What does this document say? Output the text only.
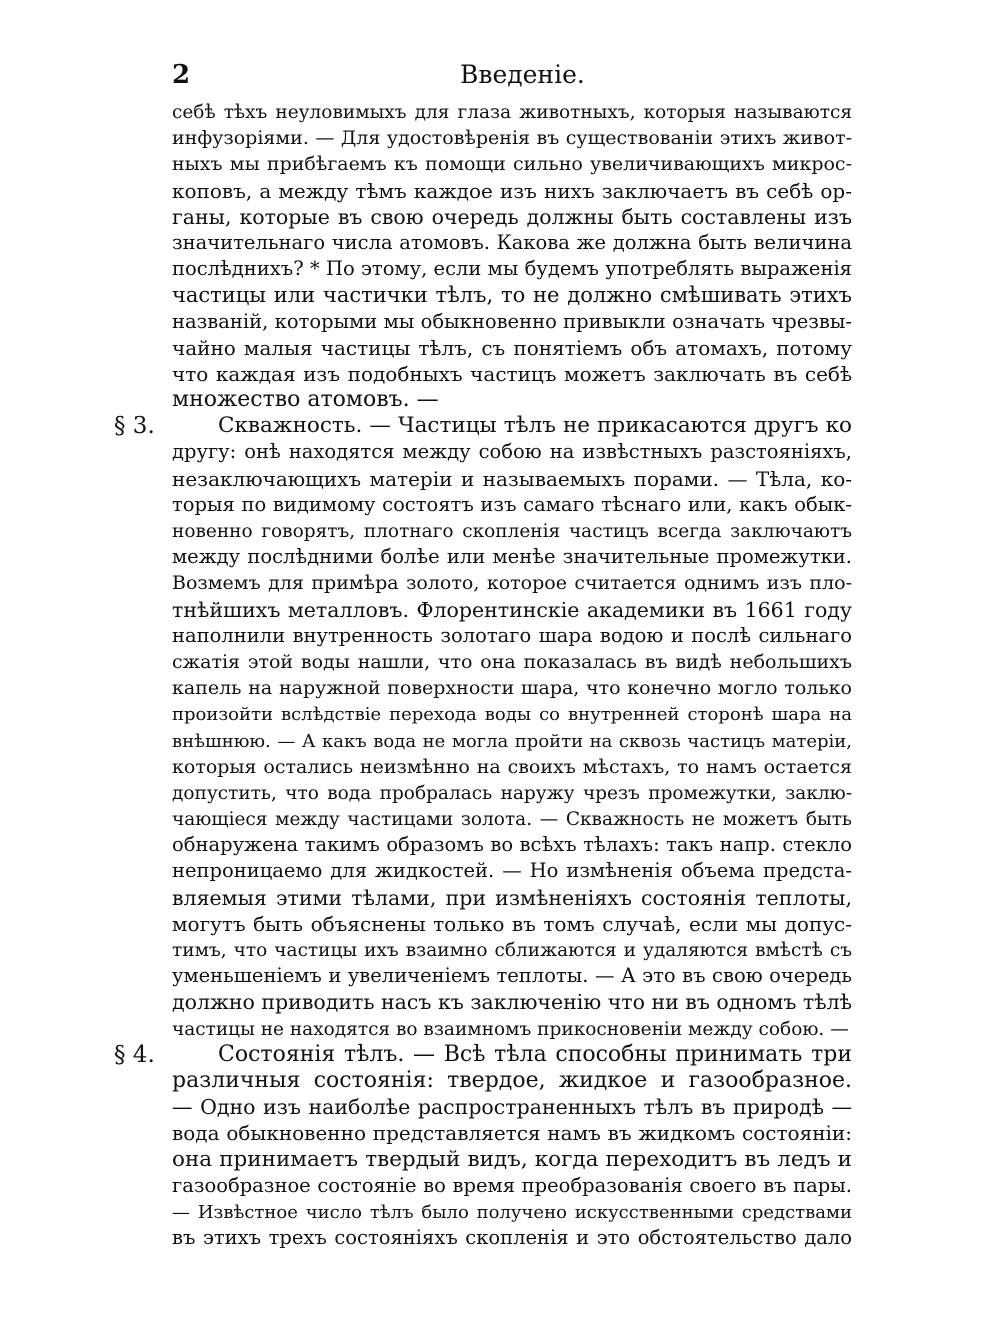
2	Введеніе.
себѣ тѣхъ неуловимыхъ для глаза животныхъ, которыя называются
инфузоріями. — Для удостовѣренія въ существованіи этихъ живот-
ныхъ мы прибѣгаемъ къ помощи сильно увеличивающихъ микрос-
коповъ, а между тѣмъ каждое изъ нихъ заключаетъ въ себѣ ор-
ганы, которые въ свою очередь должны быть составлены изъ
значительнаго числа атомовъ. Какова же должна быть величина
послѣднихъ? * По этому, если мы будемъ употреблять выраженія
частицы или частички тѣлъ, то не должно смѣшивать этихъ
названій, которыми мы обыкновенно привыкли означать чрезвы-
чайно малыя частицы тѣлъ, съ понятіемъ объ атомахъ, потому
что каждая изъ подобныхъ частицъ можетъ заключать въ себѣ
множество атомовъ. —
§ 3.	Скважность. — Частицы тѣлъ не прикасаются другъ ко
другу: онѣ находятся между собою на извѣстныхъ разстояніяхъ,
незаключающихъ матеріи и называемыхъ порами. — Тѣла, ко-
торыя по видимому состоятъ изъ самаго тѣснаго или, какъ обык-
новенно говорятъ, плотнаго скопленія частицъ всегда заключаютъ
между послѣдними болѣе или менѣе значительные промежутки.
Возмемъ для примѣра золото, которое считается однимъ изъ пло-
тнѣйшихъ металловъ. Флорентинскіе академики въ 1661 году
наполнили внутренность золотаго шара водою и послѣ сильнаго
сжатія этой воды нашли, что она показалась въ видѣ небольшихъ
капель на наружной поверхности шара, что конечно могло только
произойти вслѣдствіе перехода воды со внутренней сторонѣ шара на
внѣшнюю. — А какъ вода не могла пройти на сквозь частицъ матеріи,
которыя остались неизмѣнно на своихъ мѣстахъ, то намъ остается
допустить, что вода пробралась наружу чрезъ промежутки, заклю-
чающіеся между частицами золота. — Скважность не можетъ быть
обнаружена такимъ образомъ во всѣхъ тѣлахъ: такъ напр. стекло
непроницаемо для жидкостей. — Но измѣненія объема предста-
вляемыя этими тѣлами, при измѣненіяхъ состоянія теплоты,
могутъ быть объяснены только въ томъ случаѣ, если мы допус-
тимъ, что частицы ихъ взаимно сближаются и удаляются вмѣстѣ съ
уменьшеніемъ и увеличеніемъ теплоты. — А это въ свою очередь
должно приводить насъ къ заключенію что ни въ одномъ тѣлѣ
частицы не находятся во взаимномъ прикосновеніи между собою. —
§ 4.	Состоянія тѣлъ. — Всѣ тѣла способны принимать три
различныя состоянія: твердое, жидкое и газообразное.
— Одно изъ наиболѣе распространенныхъ тѣлъ въ природѣ —
вода обыкновенно представляется намъ въ жидкомъ состояніи:
она принимаетъ твердый видъ, когда переходитъ въ ледъ и
газообразное состояніе во время преобразованія своего въ пары.
— Извѣстное число тѣлъ было получено искусственными средствами
въ этихъ трехъ состояніяхъ скопленія и это обстоятельство дало
